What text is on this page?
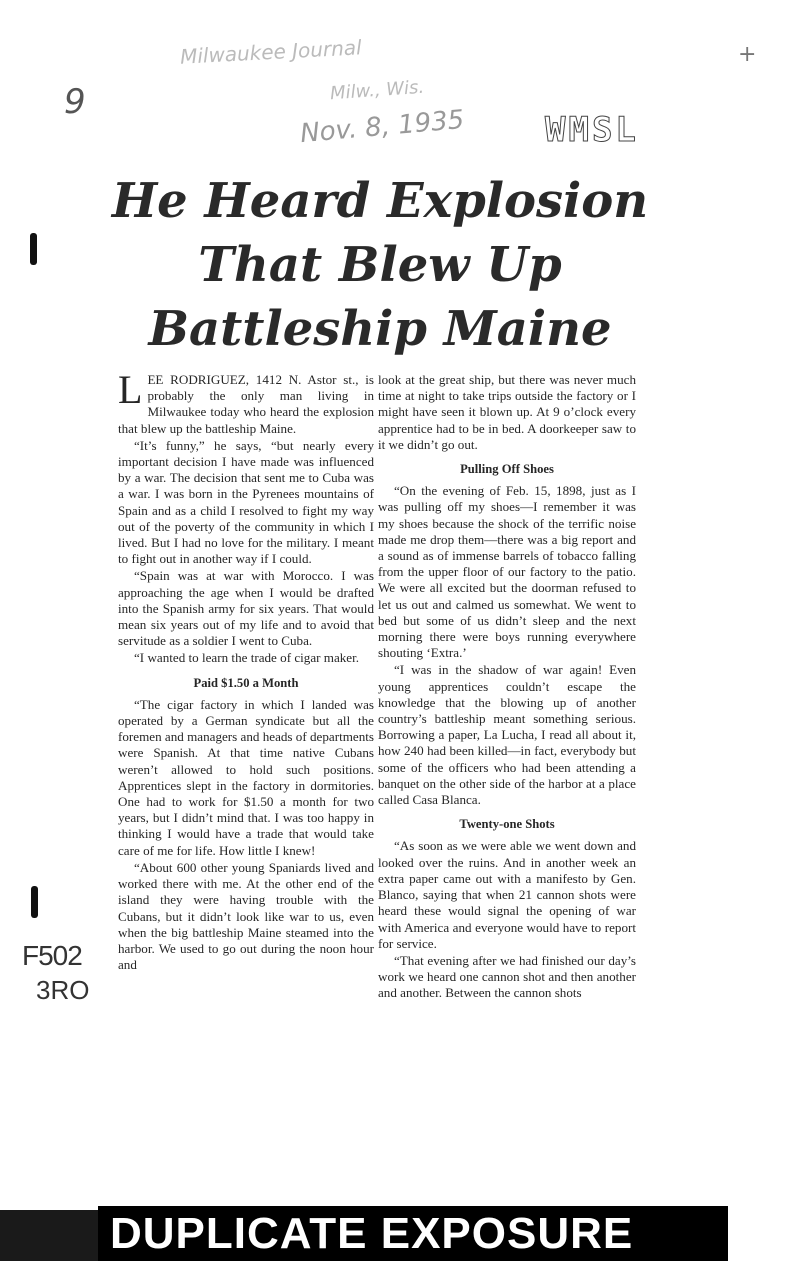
Milwaukee Journal
Milw., Wis.
Nov. 8, 1935 WMSL
9
+
F502
3RO
He Heard Explosion
That Blew Up
Battleship Maine

LEE RODRIGUEZ, 1412 N. Astor st., is probably the only man living in Milwaukee today who heard the explosion that blew up the battleship Maine.

“It’s funny,” he says, “but nearly every important decision I have made was influenced by a war. The decision that sent me to Cuba was a war. I was born in the Pyrenees mountains of Spain and as a child I resolved to fight my way out of the poverty of the community in which I lived. But I had no love for the military. I meant to fight out in another way if I could.

“Spain was at war with Morocco. I was approaching the age when I would be drafted into the Spanish army for six years. That would mean six years out of my life and to avoid that servitude as a soldier I went to Cuba.

“I wanted to learn the trade of cigar maker.

Paid $1.50 a Month

“The cigar factory in which I landed was operated by a German syndicate but all the foremen and managers and heads of departments were Spanish. At that time native Cubans weren’t allowed to hold such positions. Apprentices slept in the factory in dormitories. One had to work for $1.50 a month for two years, but I didn’t mind that. I was too happy in thinking I would have a trade that would take care of me for life. How little I knew!

“About 600 other young Spaniards lived and worked there with me. At the other end of the island they were having trouble with the Cubans, but it didn’t look like war to us, even when the big battleship Maine steamed into the harbor. We used to go out during the noon hour and

look at the great ship, but there was never much time at night to take trips outside the factory or I might have seen it blown up. At 9 o’clock every apprentice had to be in bed. A doorkeeper saw to it we didn’t go out.

Pulling Off Shoes

“On the evening of Feb. 15, 1898, just as I was pulling off my shoes—I remember it was my shoes because the shock of the terrific noise made me drop them—there was a big report and a sound as of immense barrels of tobacco falling from the upper floor of our factory to the patio. We were all excited but the doorman refused to let us out and calmed us somewhat. We went to bed but some of us didn’t sleep and the next morning there were boys running everywhere shouting ‘Extra.’

“I was in the shadow of war again! Even young apprentices couldn’t escape the knowledge that the blowing up of another country’s battleship meant something serious. Borrowing a paper, La Lucha, I read all about it, how 240 had been killed—in fact, everybody but some of the officers who had been attending a banquet on the other side of the harbor at a place called Casa Blanca.

Twenty-one Shots

“As soon as we were able we went down and looked over the ruins. And in another week an extra paper came out with a manifesto by Gen. Blanco, saying that when 21 cannon shots were heard these would signal the opening of war with America and everyone would have to report for service.

“That evening after we had finished our day’s work we heard one cannon shot and then another and another. Between the cannon shots

DUPLICATE EXPOSURE
